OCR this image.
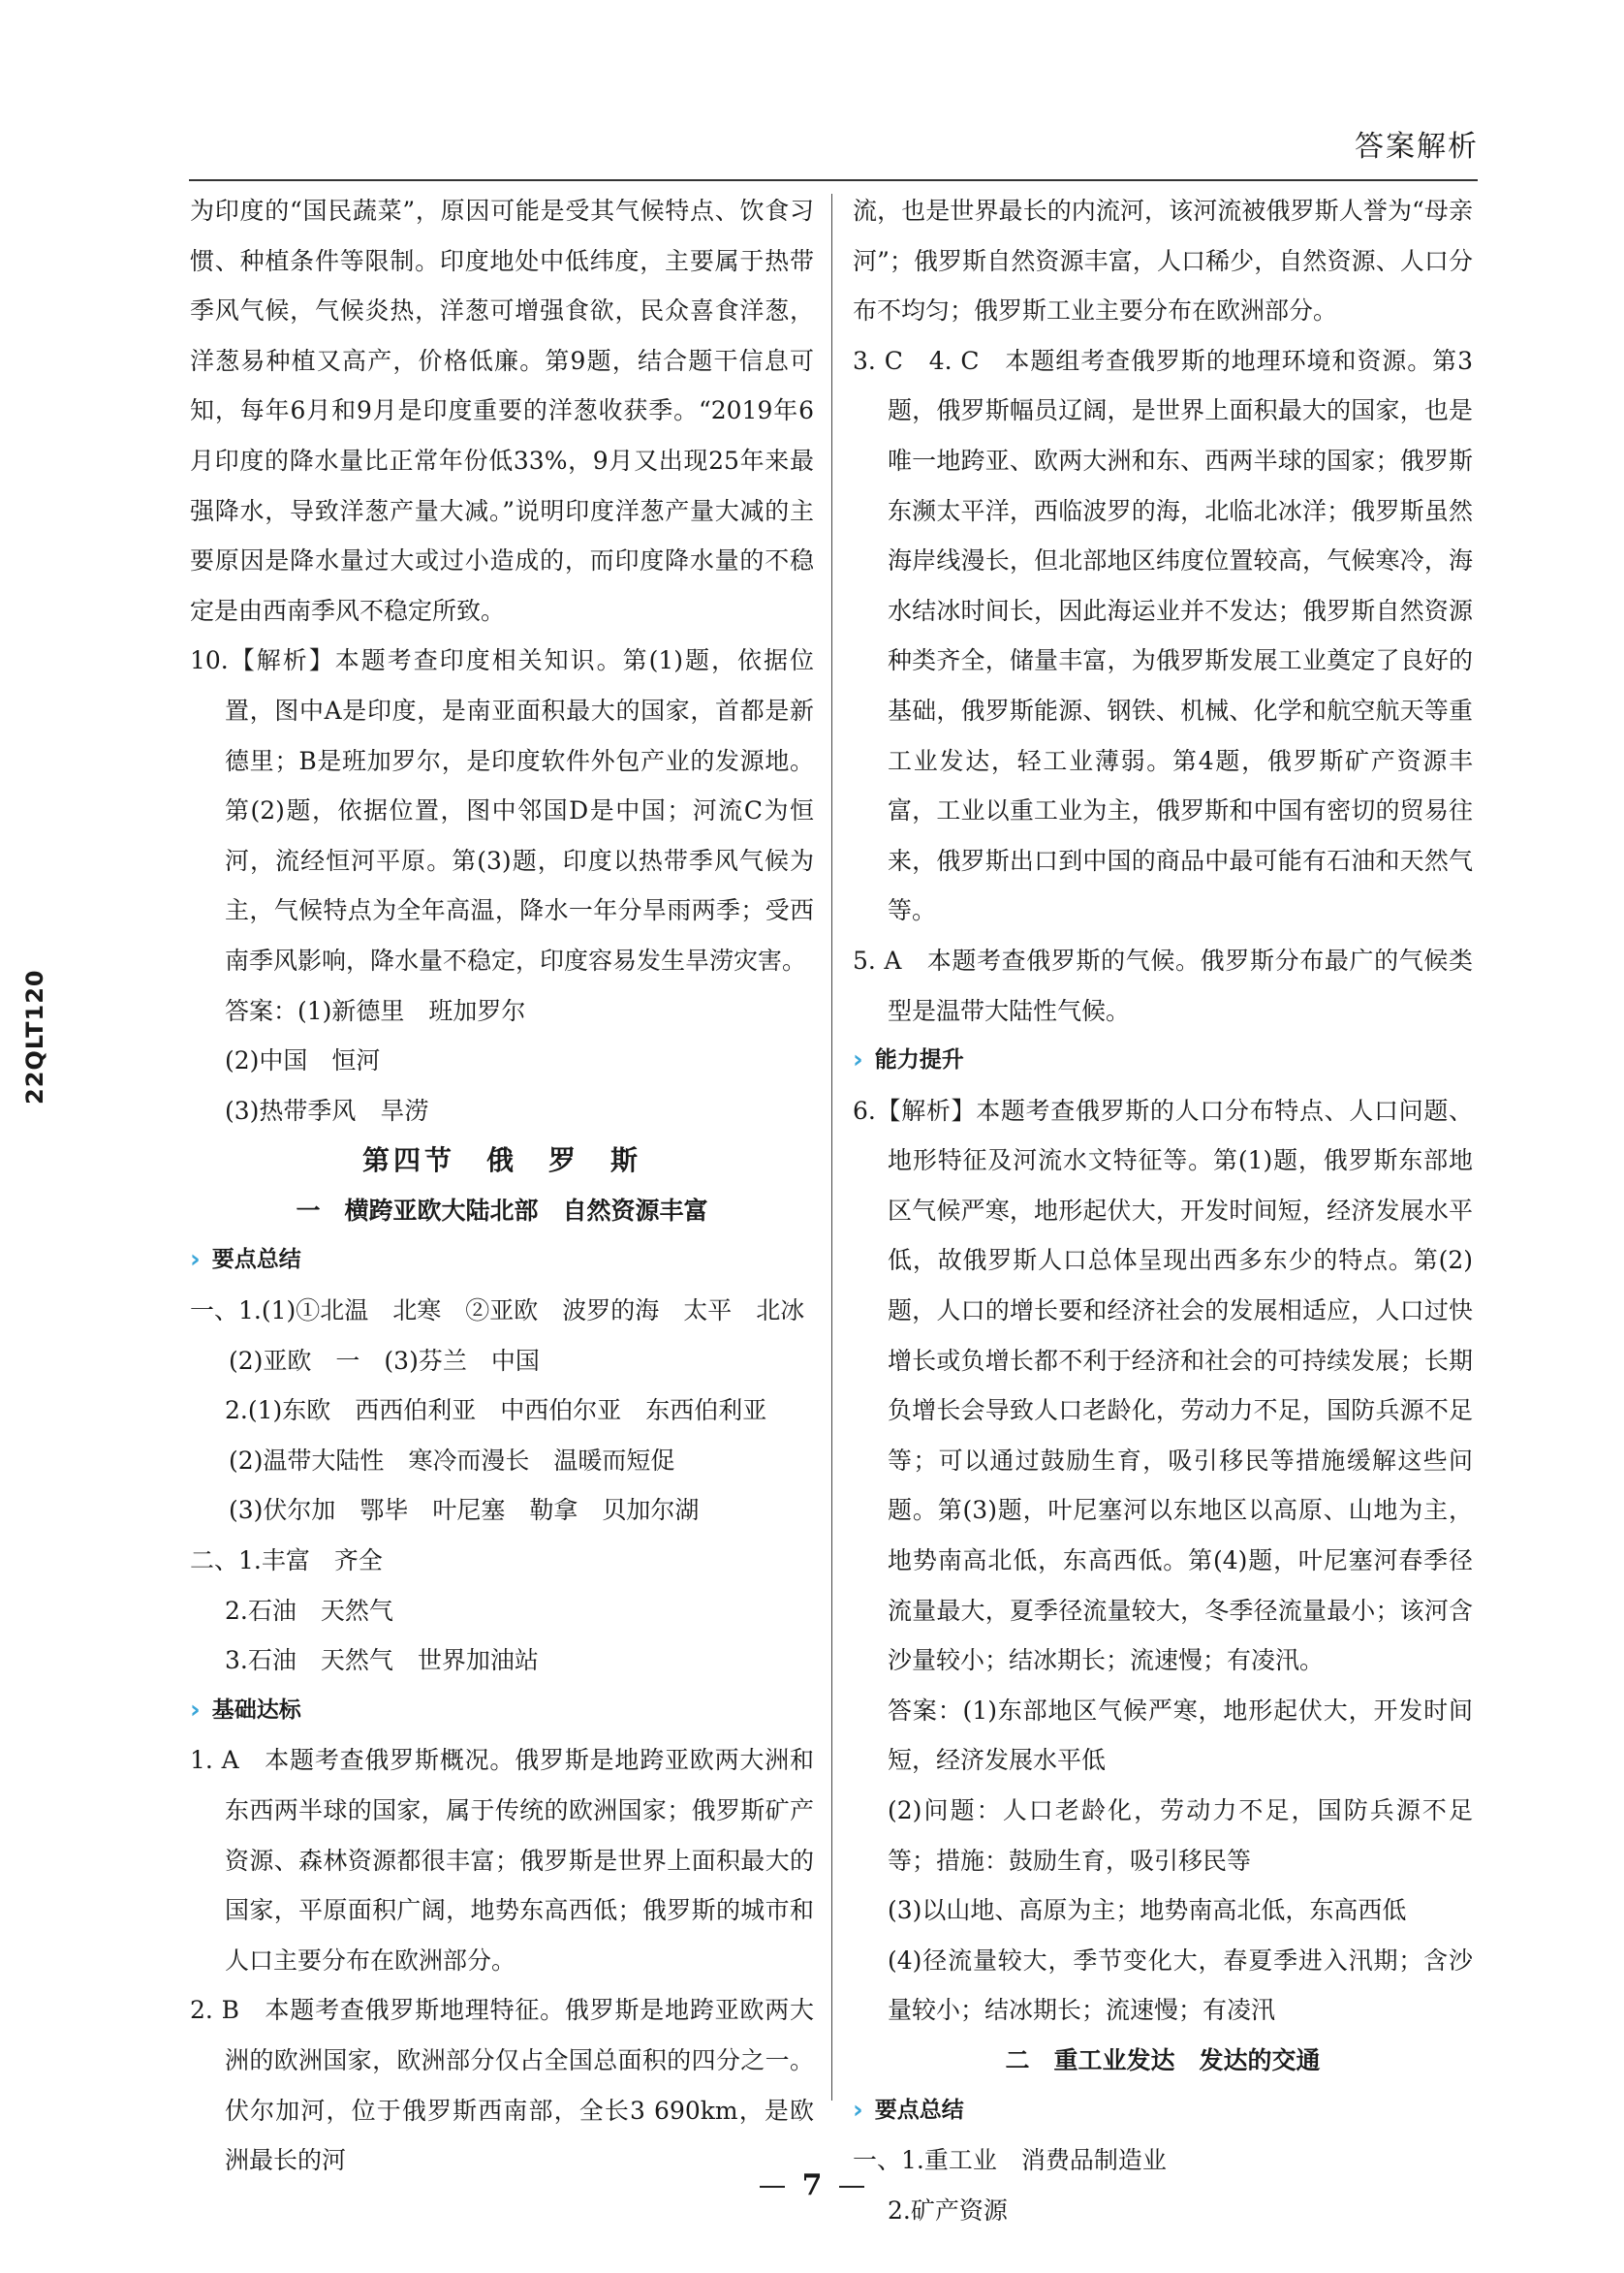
答案解析
22QLT120

为印度的“国民蔬菜”，原因可能是受其气候特点、饮食习惯、种植条件等限制。印度地处中低纬度，主要属于热带季风气候，气候炎热，洋葱可增强食欲，民众喜食洋葱，洋葱易种植又高产，价格低廉。第9题，结合题干信息可知，每年6月和9月是印度重要的洋葱收获季。“2019年6月印度的降水量比正常年份低33%，9月又出现25年来最强降水，导致洋葱产量大减。”说明印度洋葱产量大减的主要原因是降水量过大或过小造成的，而印度降水量的不稳定是由西南季风不稳定所致。

10.【解析】本题考查印度相关知识。第(1)题，依据位置，图中A是印度，是南亚面积最大的国家，首都是新德里；B是班加罗尔，是印度软件外包产业的发源地。第(2)题，依据位置，图中邻国D是中国；河流C为恒河，流经恒河平原。第(3)题，印度以热带季风气候为主，气候特点为全年高温，降水一年分旱雨两季；受西南季风影响，降水量不稳定，印度容易发生旱涝灾害。

答案：(1)新德里　班加罗尔

(2)中国　恒河

(3)热带季风　旱涝

第四节　俄　罗　斯

一　横跨亚欧大陆北部　自然资源丰富

› 要点总结

一、1.(1)①北温　北寒　②亚欧　波罗的海　太平　北冰

(2)亚欧　一　(3)芬兰　中国

2.(1)东欧　西西伯利亚　中西伯尔亚　东西伯利亚

(2)温带大陆性　寒冷而漫长　温暖而短促

(3)伏尔加　鄂毕　叶尼塞　勒拿　贝加尔湖

二、1.丰富　齐全

2.石油　天然气

3.石油　天然气　世界加油站

› 基础达标

1. A　本题考查俄罗斯概况。俄罗斯是地跨亚欧两大洲和东西两半球的国家，属于传统的欧洲国家；俄罗斯矿产资源、森林资源都很丰富；俄罗斯是世界上面积最大的国家，平原面积广阔，地势东高西低；俄罗斯的城市和人口主要分布在欧洲部分。

2. B　本题考查俄罗斯地理特征。俄罗斯是地跨亚欧两大洲的欧洲国家，欧洲部分仅占全国总面积的四分之一。伏尔加河，位于俄罗斯西南部，全长3 690km，是欧洲最长的河

流，也是世界最长的内流河，该河流被俄罗斯人誉为“母亲河”；俄罗斯自然资源丰富，人口稀少，自然资源、人口分布不均匀；俄罗斯工业主要分布在欧洲部分。

3. C　4. C　本题组考查俄罗斯的地理环境和资源。第3题，俄罗斯幅员辽阔，是世界上面积最大的国家，也是唯一地跨亚、欧两大洲和东、西两半球的国家；俄罗斯东濒太平洋，西临波罗的海，北临北冰洋；俄罗斯虽然海岸线漫长，但北部地区纬度位置较高，气候寒冷，海水结冰时间长，因此海运业并不发达；俄罗斯自然资源种类齐全，储量丰富，为俄罗斯发展工业奠定了良好的基础，俄罗斯能源、钢铁、机械、化学和航空航天等重工业发达，轻工业薄弱。第4题，俄罗斯矿产资源丰富，工业以重工业为主，俄罗斯和中国有密切的贸易往来，俄罗斯出口到中国的商品中最可能有石油和天然气等。

5. A　本题考查俄罗斯的气候。俄罗斯分布最广的气候类型是温带大陆性气候。

› 能力提升

6.【解析】本题考查俄罗斯的人口分布特点、人口问题、地形特征及河流水文特征等。第(1)题，俄罗斯东部地区气候严寒，地形起伏大，开发时间短，经济发展水平低，故俄罗斯人口总体呈现出西多东少的特点。第(2)题，人口的增长要和经济社会的发展相适应，人口过快增长或负增长都不利于经济和社会的可持续发展；长期负增长会导致人口老龄化，劳动力不足，国防兵源不足等；可以通过鼓励生育，吸引移民等措施缓解这些问题。第(3)题，叶尼塞河以东地区以高原、山地为主，地势南高北低，东高西低。第(4)题，叶尼塞河春季径流量最大，夏季径流量较大，冬季径流量最小；该河含沙量较小；结冰期长；流速慢；有凌汛。

答案：(1)东部地区气候严寒，地形起伏大，开发时间短，经济发展水平低

(2)问题：人口老龄化，劳动力不足，国防兵源不足等；措施：鼓励生育，吸引移民等

(3)以山地、高原为主；地势南高北低，东高西低

(4)径流量较大，季节变化大，春夏季进入汛期；含沙量较小；结冰期长；流速慢；有凌汛

二　重工业发达　发达的交通

› 要点总结

一、1.重工业　消费品制造业

2.矿产资源

7
